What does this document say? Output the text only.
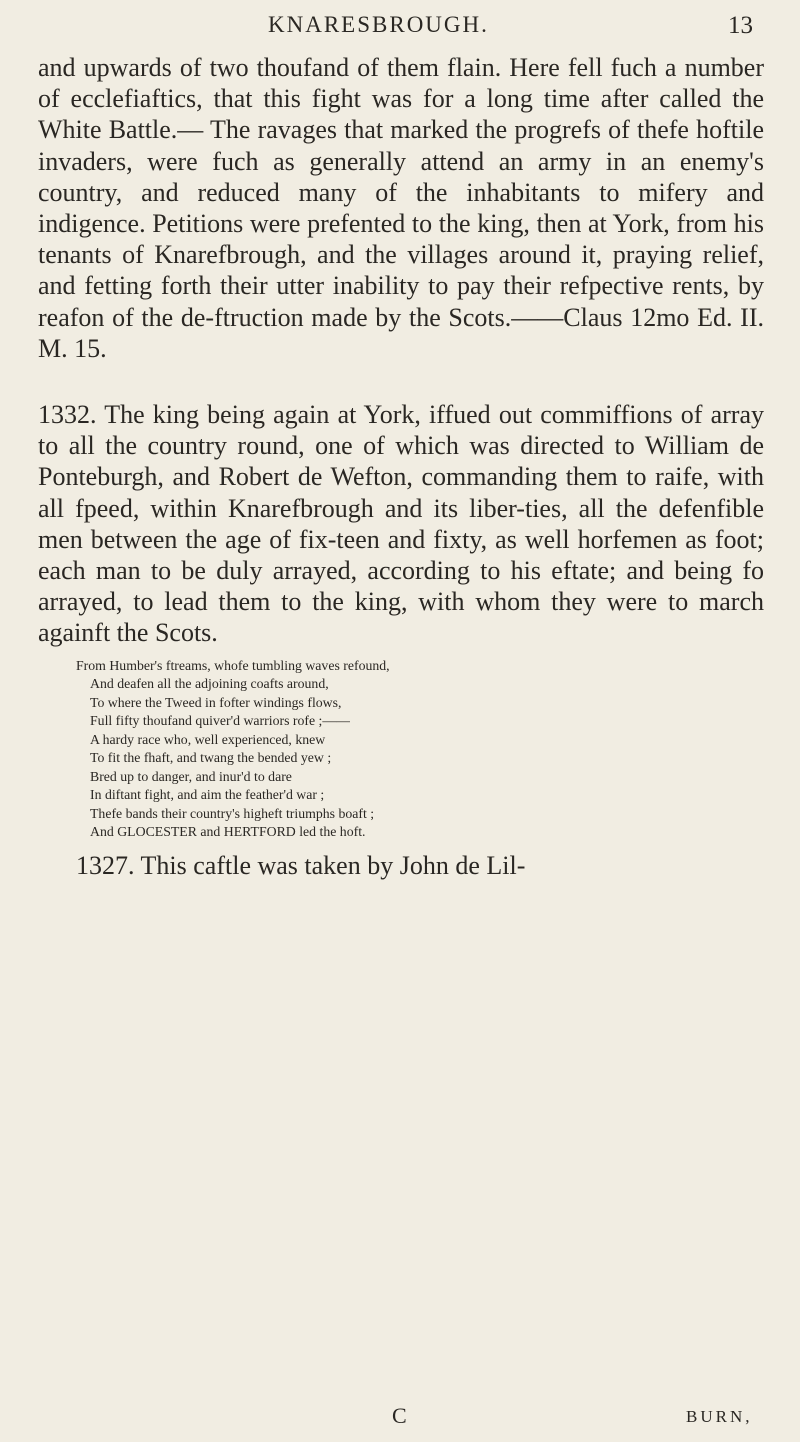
KNARESBROUGH.	13

and upwards of two thoufand of them flain. Here fell fuch a number of ecclefiaftics, that this fight was for a long time after called the White Battle.— The ravages that marked the progrefs of thefe hoftile invaders, were fuch as generally attend an army in an enemy's country, and reduced many of the inhabitants to mifery and indigence. Petitions were prefented to the king, then at York, from his tenants of Knarefbrough, and the villages around it, praying relief, and fetting forth their utter inability to pay their refpective rents, by reafon of the de-ftruction made by the Scots.——Claus 12mo Ed. II. M. 15.

1332. The king being again at York, iffued out commiffions of array to all the country round, one of which was directed to William de Ponteburgh, and Robert de Wefton, commanding them to raife, with all fpeed, within Knarefbrough and its liber-ties, all the defenfible men between the age of fix-teen and fixty, as well horfemen as foot; each man to be duly arrayed, according to his eftate; and being fo arrayed, to lead them to the king, with whom they were to march againft the Scots.

From Humber's ftreams, whofe tumbling waves refound,
And deafen all the adjoining coafts around,
To where the Tweed in fofter windings flows,
Full fifty thoufand quiver'd warriors rofe ;——
A hardy race who, well experienced, knew
To fit the fhaft, and twang the bended yew ;
Bred up to danger, and inur'd to dare
In diftant fight, and aim the feather'd war ;
Thefe bands their country's higheft triumphs boaft ;
And GLOCESTER and HERTFORD led the hoft.
1327. This caftle was taken by John de Lil-
C	BURN,
